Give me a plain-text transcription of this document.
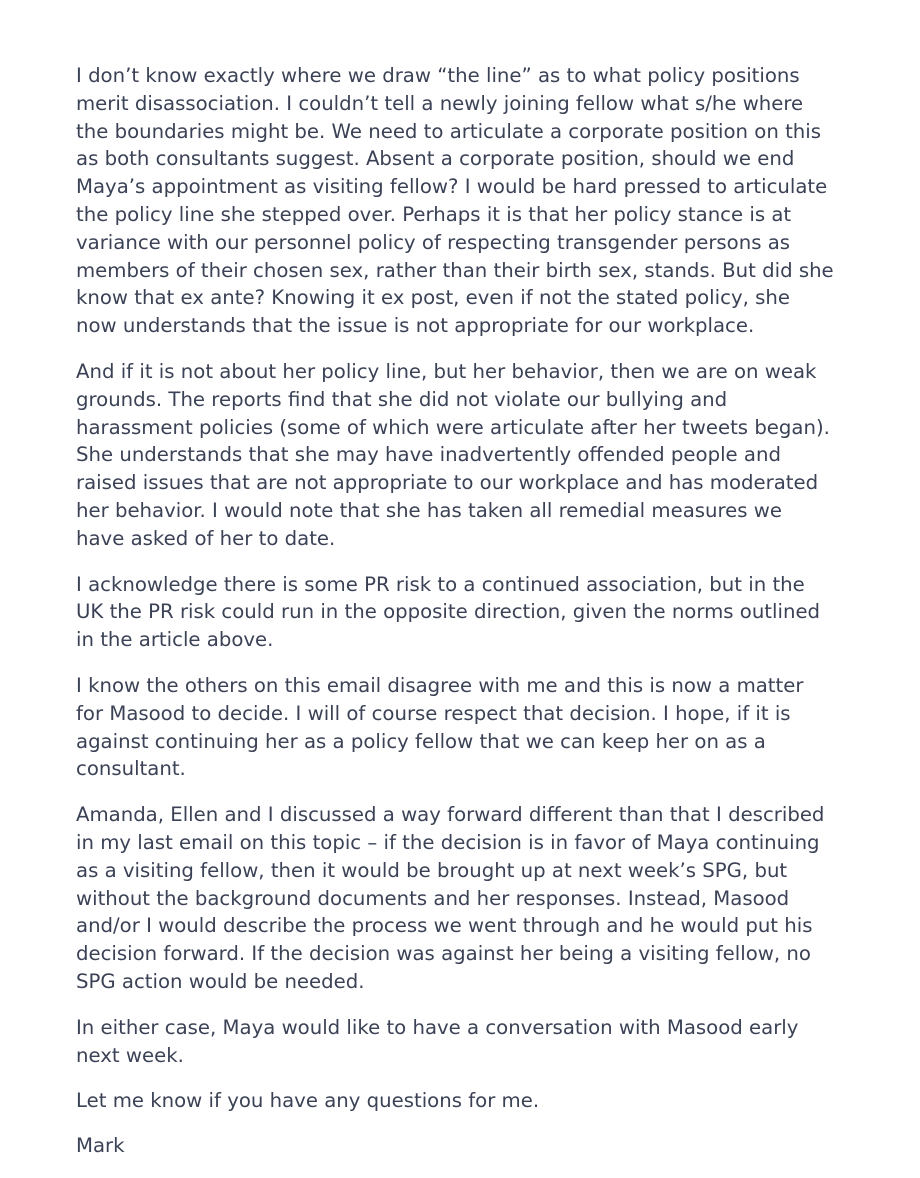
I don’t know exactly where we draw “the line” as to what policy positions merit disassociation. I couldn’t tell a newly joining fellow what s/he where the boundaries might be. We need to articulate a corporate position on this as both consultants suggest. Absent a corporate position, should we end Maya’s appointment as visiting fellow? I would be hard pressed to articulate the policy line she stepped over. Perhaps it is that her policy stance is at variance with our personnel policy of respecting transgender persons as members of their chosen sex, rather than their birth sex, stands. But did she know that ex ante? Knowing it ex post, even if not the stated policy, she now understands that the issue is not appropriate for our workplace.

And if it is not about her policy line, but her behavior, then we are on weak grounds. The reports find that she did not violate our bullying and harassment policies (some of which were articulate after her tweets began). She understands that she may have inadvertently offended people and raised issues that are not appropriate to our workplace and has moderated her behavior. I would note that she has taken all remedial measures we have asked of her to date.

I acknowledge there is some PR risk to a continued association, but in the UK the PR risk could run in the opposite direction, given the norms outlined in the article above.

I know the others on this email disagree with me and this is now a matter for Masood to decide. I will of course respect that decision. I hope, if it is against continuing her as a policy fellow that we can keep her on as a consultant.

Amanda, Ellen and I discussed a way forward different than that I described in my last email on this topic – if the decision is in favor of Maya continuing as a visiting fellow, then it would be brought up at next week’s SPG, but without the background documents and her responses. Instead, Masood and/or I would describe the process we went through and he would put his decision forward. If the decision was against her being a visiting fellow, no SPG action would be needed.

In either case, Maya would like to have a conversation with Masood early next week.

Let me know if you have any questions for me.

Mark
